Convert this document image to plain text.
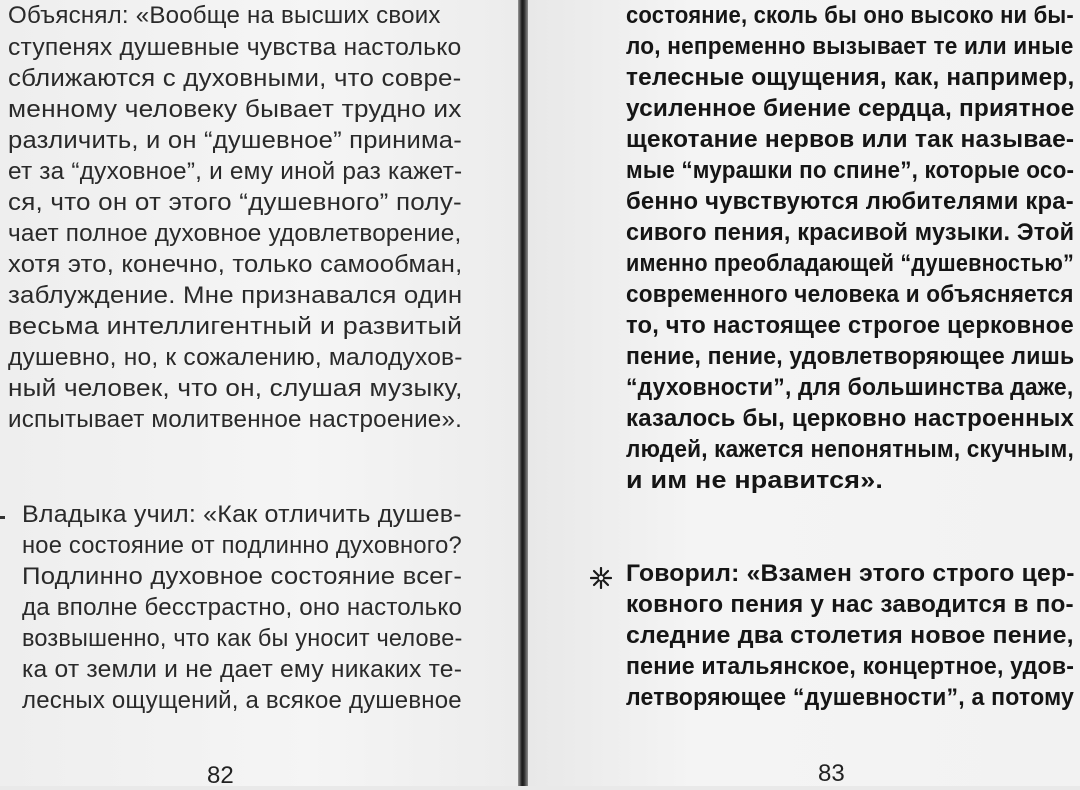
Объяснял: «Вообще на высших своих
ступенях душевные чувства настолько
сближаются с духовными, что совре-
менному человеку бывает трудно их
различить, и он “душевное” принима-
ет за “духовное”, и ему иной раз кажет-
ся, что он от этого “душевного” полу-
чает полное духовное удовлетворение,
хотя это, конечно, только самообман,
заблуждение. Мне признавался один
весьма интеллигентный и развитый
душевно, но, к сожалению, малодухов-
ный человек, что он, слушая музыку,
испытывает молитвенное настроение».
Владыка учил: «Как отличить душев-
ное состояние от подлинно духовного?
Подлинно духовное состояние всег-
да вполне бесстрастно, оно настолько
возвышенно, что как бы уносит челове-
ка от земли и не дает ему никаких те-
лесных ощущений, а всякое душевное
82
состояние, сколь бы оно высоко ни бы-
ло, непременно вызывает те или иные
телесные ощущения, как, например,
усиленное биение сердца, приятное
щекотание нервов или так называе-
мые “мурашки по спине”, которые осо-
бенно чувствуются любителями кра-
сивого пения, красивой музыки. Этой
именно преобладающей “душевностью”
современного человека и объясняется
то, что настоящее строгое церковное
пение, пение, удовлетворяющее лишь
“духовности”, для большинства даже,
казалось бы, церковно настроенных
людей, кажется непонятным, скучным,
и им не нравится».
Говорил: «Взамен этого строго цер-
ковного пения у нас заводится в по-
следние два столетия новое пение,
пение итальянское, концертное, удов-
летворяющее “душевности”, а потому
83
